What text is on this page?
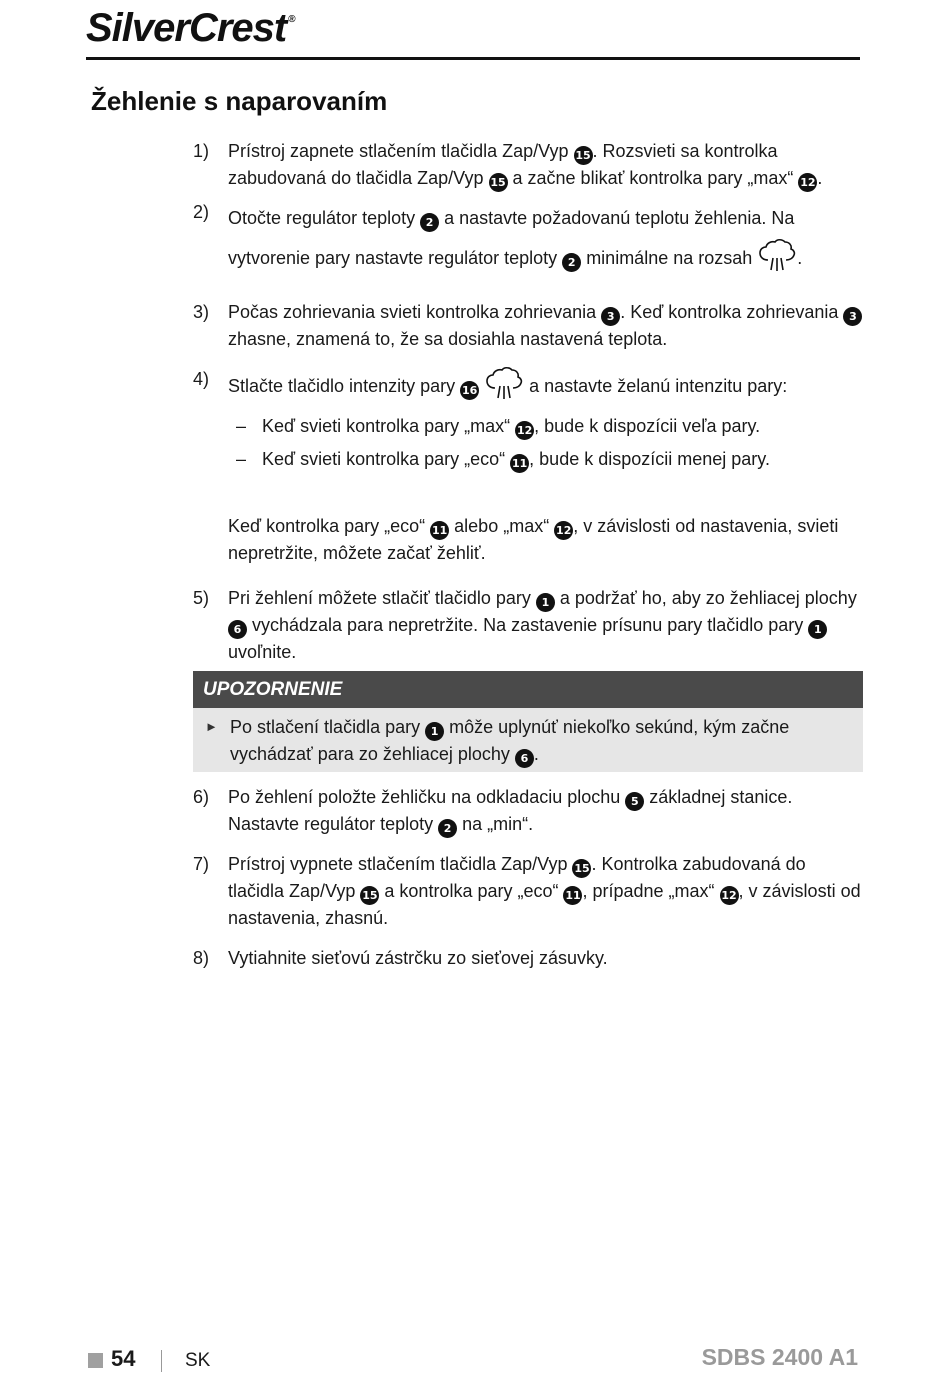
SilverCrest ®
Žehlenie s naparovaním
1) Prístroj zapnete stlačením tlačidla Zap/Vyp 15 . Rozsvieti sa kontrolka zabudovaná do tlačidla Zap/Vyp 15 a začne blikať kontrolka pary „max“ 12 .

2) Otočte regulátor teploty 2 a nastavte požadovanú teplotu žehlenia. Na vytvorenie pary nastavte regulátor teploty 2 minimálne na rozsah .

3) Počas zohrievania svieti kontrolka zohrievania 3 . Keď kontrolka zohrievania 3 zhasne, znamená to, že sa dosiahla nastavená teplota.

4) Stlačte tlačidlo intenzity pary 16	a nastavte želanú intenzitu pary:

– Keď svieti kontrolka pary „max“ 12 , bude k dispozícii veľa pary.

– Keď svieti kontrolka pary „eco“ 11 , bude k dispozícii menej pary.

Keď kontrolka pary „eco“ 11 alebo „max“ 12 , v závislosti od nastavenia, svieti nepretržite, môžete začať žehliť.

5) Pri žehlení môžete stlačiť tlačidlo pary 1 a podržať ho, aby zo žehliacej plochy 6 vychádzala para nepretržite. Na zastavenie prísunu pary tlačidlo pary 1 uvoľnite.

UPOZORNENIE
► Po stlačení tlačidla pary 1 môže uplynúť niekoľko sekúnd, kým začne vychádzať para zo žehliacej plochy 6 .

6) Po žehlení položte žehličku na odkladaciu plochu 5 základnej stanice. Nastavte regulátor teploty 2 na „min“.

7) Prístroj vypnete stlačením tlačidla Zap/Vyp 15 . Kontrolka zabudovaná do tlačidla Zap/Vyp 15 a kontrolka pary „eco“ 11 , prípadne „max“ 12 , v závislosti od nastavenia, zhasnú.

8) Vytiahnite sieťovú zástrčku zo sieťovej zásuvky.

54	SK	SDBS 2400 A1
